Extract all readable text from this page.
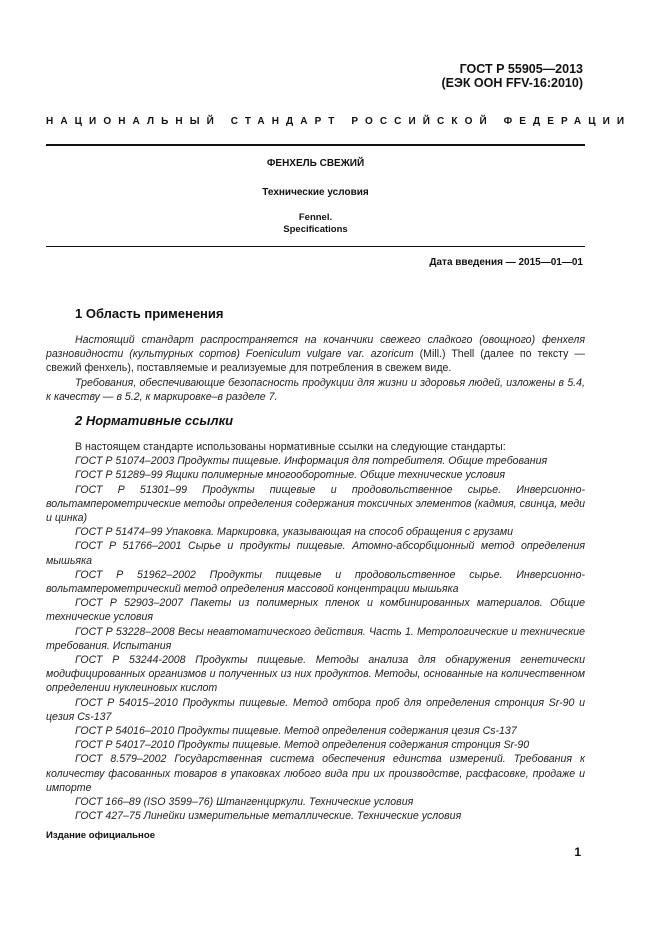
ГОСТ Р 55905—2013
(ЕЭК ООН FFV-16:2010)
НАЦИОНАЛЬНЫЙ СТАНДАРТ РОССИЙСКОЙ ФЕДЕРАЦИИ
ФЕНХЕЛЬ СВЕЖИЙ
Технические условия
Fennel.
Specifications
Дата введения — 2015—01—01
1 Область применения

Настоящий стандарт распространяется на кочанчики свежего сладкого (овощного) фенхеля разновидности (культурных сортов) Foeniculum vulgare var. azoricum (Mill.) Thell (далее по тексту — свежий фенхель), поставляемые и реализуемые для потребления в свежем виде.

Требования, обеспечивающие безопасность продукции для жизни и здоровья людей, изложены в 5.4, к качеству — в 5.2, к маркировке–в разделе 7.

2 Нормативные ссылки

В настоящем стандарте использованы нормативные ссылки на следующие стандарты:

ГОСТ Р 51074–2003 Продукты пищевые. Информация для потребителя. Общие требования

ГОСТ Р 51289–99 Ящики полимерные многооборотные. Общие технические условия

ГОСТ Р 51301–99 Продукты пищевые и продовольственное сырье. Инверсионно-вольтамперометрические методы определения содержания токсичных элементов (кадмия, свинца, меди и цинка)

ГОСТ Р 51474–99 Упаковка. Маркировка, указывающая на способ обращения с грузами

ГОСТ Р 51766–2001 Сырье и продукты пищевые. Атомно-абсорбционный метод определения мышьяка

ГОСТ Р 51962–2002 Продукты пищевые и продовольственное сырье. Инверсионно-вольтамперометрический метод определения массовой концентрации мышьяка

ГОСТ Р 52903–2007 Пакеты из полимерных пленок и комбинированных материалов. Общие технические условия

ГОСТ Р 53228–2008 Весы неавтоматического действия. Часть 1. Метрологические и технические требования. Испытания

ГОСТ Р 53244-2008 Продукты пищевые. Методы анализа для обнаружения генетически модифицированных организмов и полученных из них продуктов. Методы, основанные на количественном определении нуклеиновых кислот

ГОСТ Р 54015–2010 Продукты пищевые. Метод отбора проб для определения стронция Sr-90 и цезия Cs-137

ГОСТ Р 54016–2010 Продукты пищевые. Метод определения содержания цезия Cs-137

ГОСТ Р 54017–2010 Продукты пищевые. Метод определения содержания стронция Sr-90

ГОСТ 8.579–2002 Государственная система обеспечения единства измерений. Требования к количеству фасованных товаров в упаковках любого вида при их производстве, расфасовке, продаже и импорте

ГОСТ 166–89 (ISO 3599–76) Штангенциркули. Технические условия

ГОСТ 427–75 Линейки измерительные металлические. Технические условия

Издание официальное
1
